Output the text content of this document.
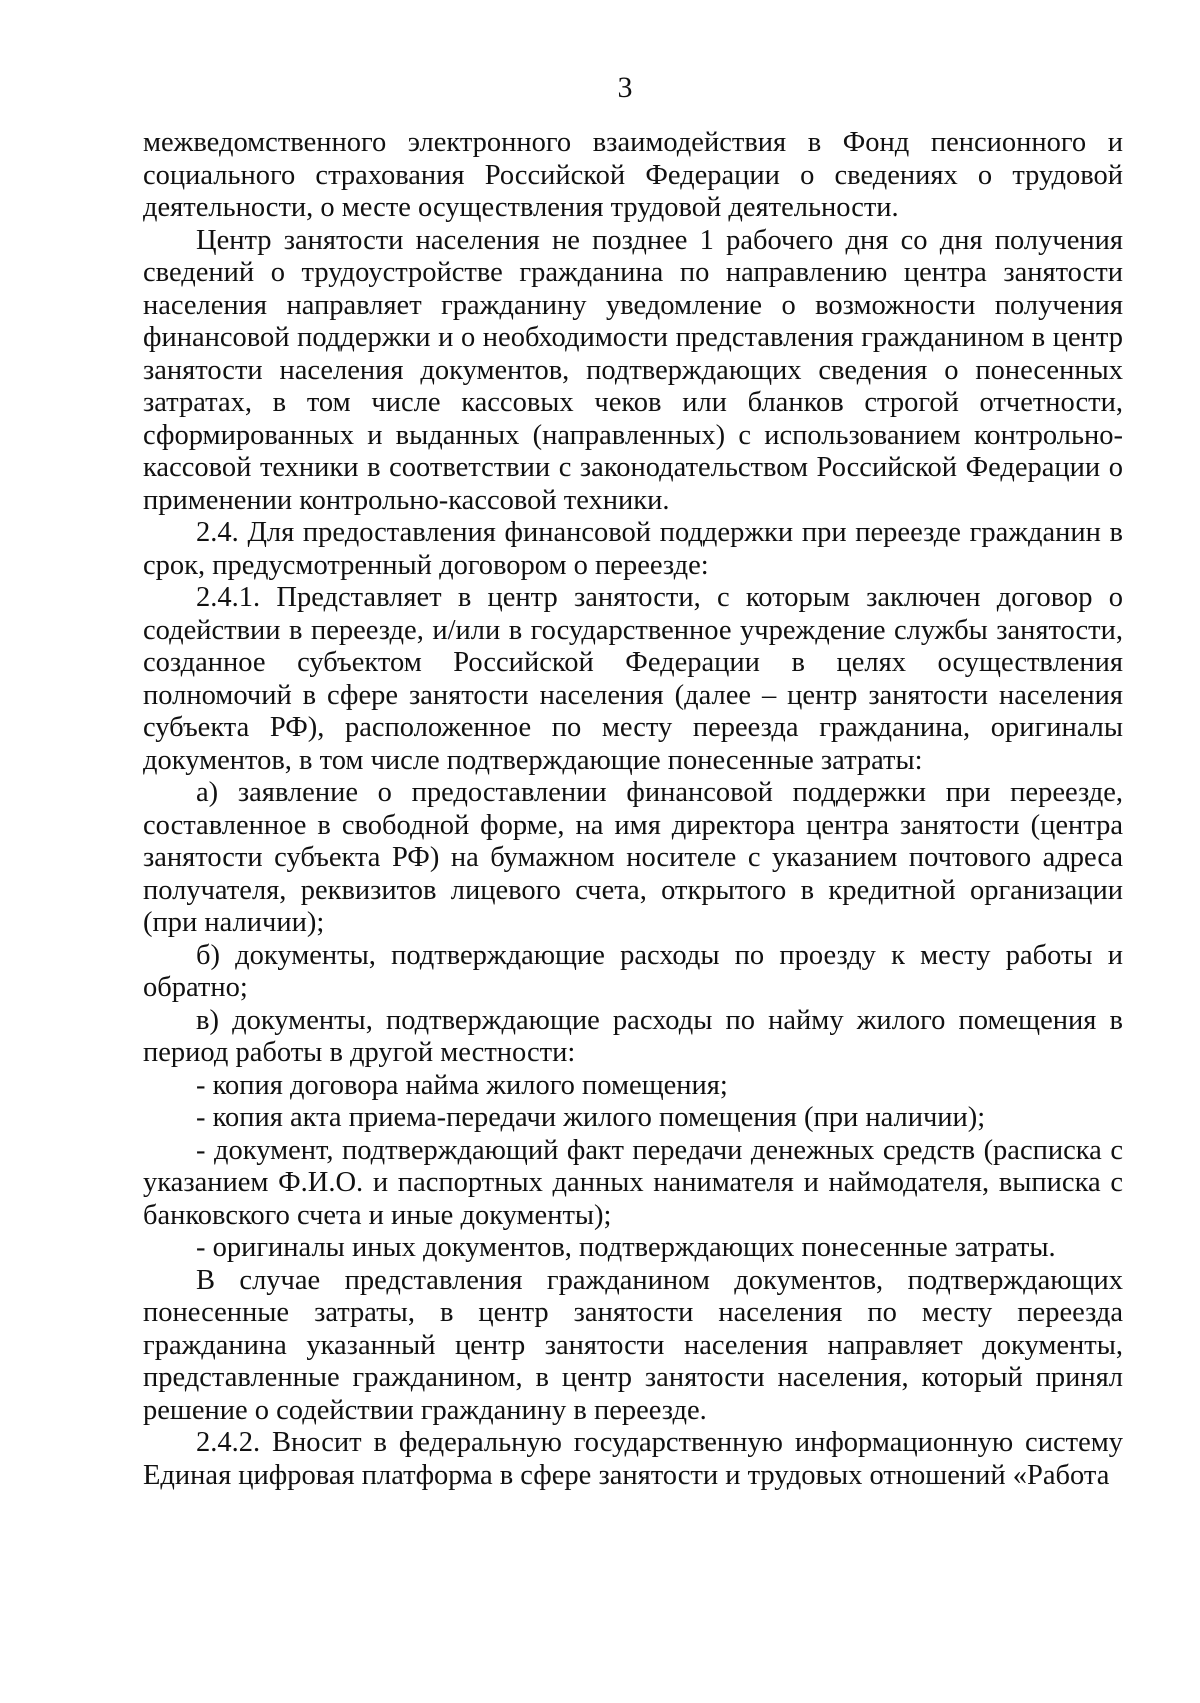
3

межведомственного электронного взаимодействия в Фонд пенсионного и социального страхования Российской Федерации о сведениях о трудовой деятельности, о месте осуществления трудовой деятельности.

Центр занятости населения не позднее 1 рабочего дня со дня получения сведений о трудоустройстве гражданина по направлению центра занятости населения направляет гражданину уведомление о возможности получения финансовой поддержки и о необходимости представления гражданином в центр занятости населения документов, подтверждающих сведения о понесенных затратах, в том числе кассовых чеков или бланков строгой отчетности, сформированных и выданных (направленных) с использованием контрольно-кассовой техники в соответствии с законодательством Российской Федерации о применении контрольно-кассовой техники.

2.4. Для предоставления финансовой поддержки при переезде гражданин в срок, предусмотренный договором о переезде:

2.4.1. Представляет в центр занятости, с которым заключен договор о содействии в переезде, и/или в государственное учреждение службы занятости, созданное субъектом Российской Федерации в целях осуществления полномочий в сфере занятости населения (далее – центр занятости населения субъекта РФ), расположенное по месту переезда гражданина, оригиналы документов, в том числе подтверждающие понесенные затраты:

а) заявление о предоставлении финансовой поддержки при переезде, составленное в свободной форме, на имя директора центра занятости (центра занятости субъекта РФ) на бумажном носителе с указанием почтового адреса получателя, реквизитов лицевого счета, открытого в кредитной организации (при наличии);

б) документы, подтверждающие расходы по проезду к месту работы и обратно;

в) документы, подтверждающие расходы по найму жилого помещения в период работы в другой местности:

- копия договора найма жилого помещения;

- копия акта приема-передачи жилого помещения (при наличии);

- документ, подтверждающий факт передачи денежных средств (расписка с указанием Ф.И.О. и паспортных данных нанимателя и наймодателя, выписка с банковского счета и иные документы);

- оригиналы иных документов, подтверждающих понесенные затраты.

В случае представления гражданином документов, подтверждающих понесенные затраты, в центр занятости населения по месту переезда гражданина указанный центр занятости населения направляет документы, представленные гражданином, в центр занятости населения, который принял решение о содействии гражданину в переезде.

2.4.2. Вносит в федеральную государственную информационную систему Единая цифровая платформа в сфере занятости и трудовых отношений «Работа
